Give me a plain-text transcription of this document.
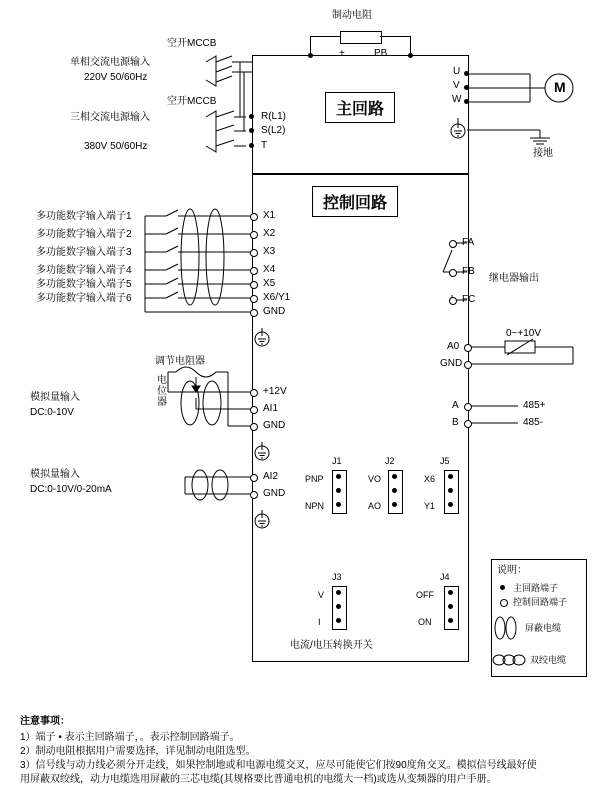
主回路
控制回路
制动电阻
+	PB
空开MCCB
单相交流电源输入
220V 50/60Hz
M
接地
空开MCCB
三相交流电源输入
380V 50/60Hz
R(L1)
S(L2)
T
U
V
W
多功能数字输入端子1
多功能数字输入端子2
多功能数字输入端子3
多功能数字输入端子4
多功能数字输入端子5
多功能数字输入端子6
X1
X2
X3
X4
X5
X6/Y1
GND
FA
FB
FC
继电器输出
0~+10V
A0
GND
A
B
485+
485-
调节电阻器
电位器
模拟量输入
DC:0-10V
+12V
AI1
GND
模拟量输入
DC:0-10V/0-20mA
AI2
GND
J1	J2	J5
PNP
NPN
VO
AO
X6
Y1
J3	J4
V
I
OFF
ON
电流/电压转换开关
说明：
主回路端子
控制回路端子
屏蔽电缆
双绞电缆
注意事项：
1）端子 • 表示主回路端子，。表示控制回路端子。
2）制动电阻根据用户需要选择，详见制动电阻选型。
3）信号线与动力线必须分开走线，如果控制地或和电源电缆交叉，应尽可能使它们按90度角交叉。模拟信号线最好使
用屏蔽双绞线，动力电缆选用屏蔽的三芯电缆(其规格要比普通电机的电缆大一档)或选从变频器的用户手册。
